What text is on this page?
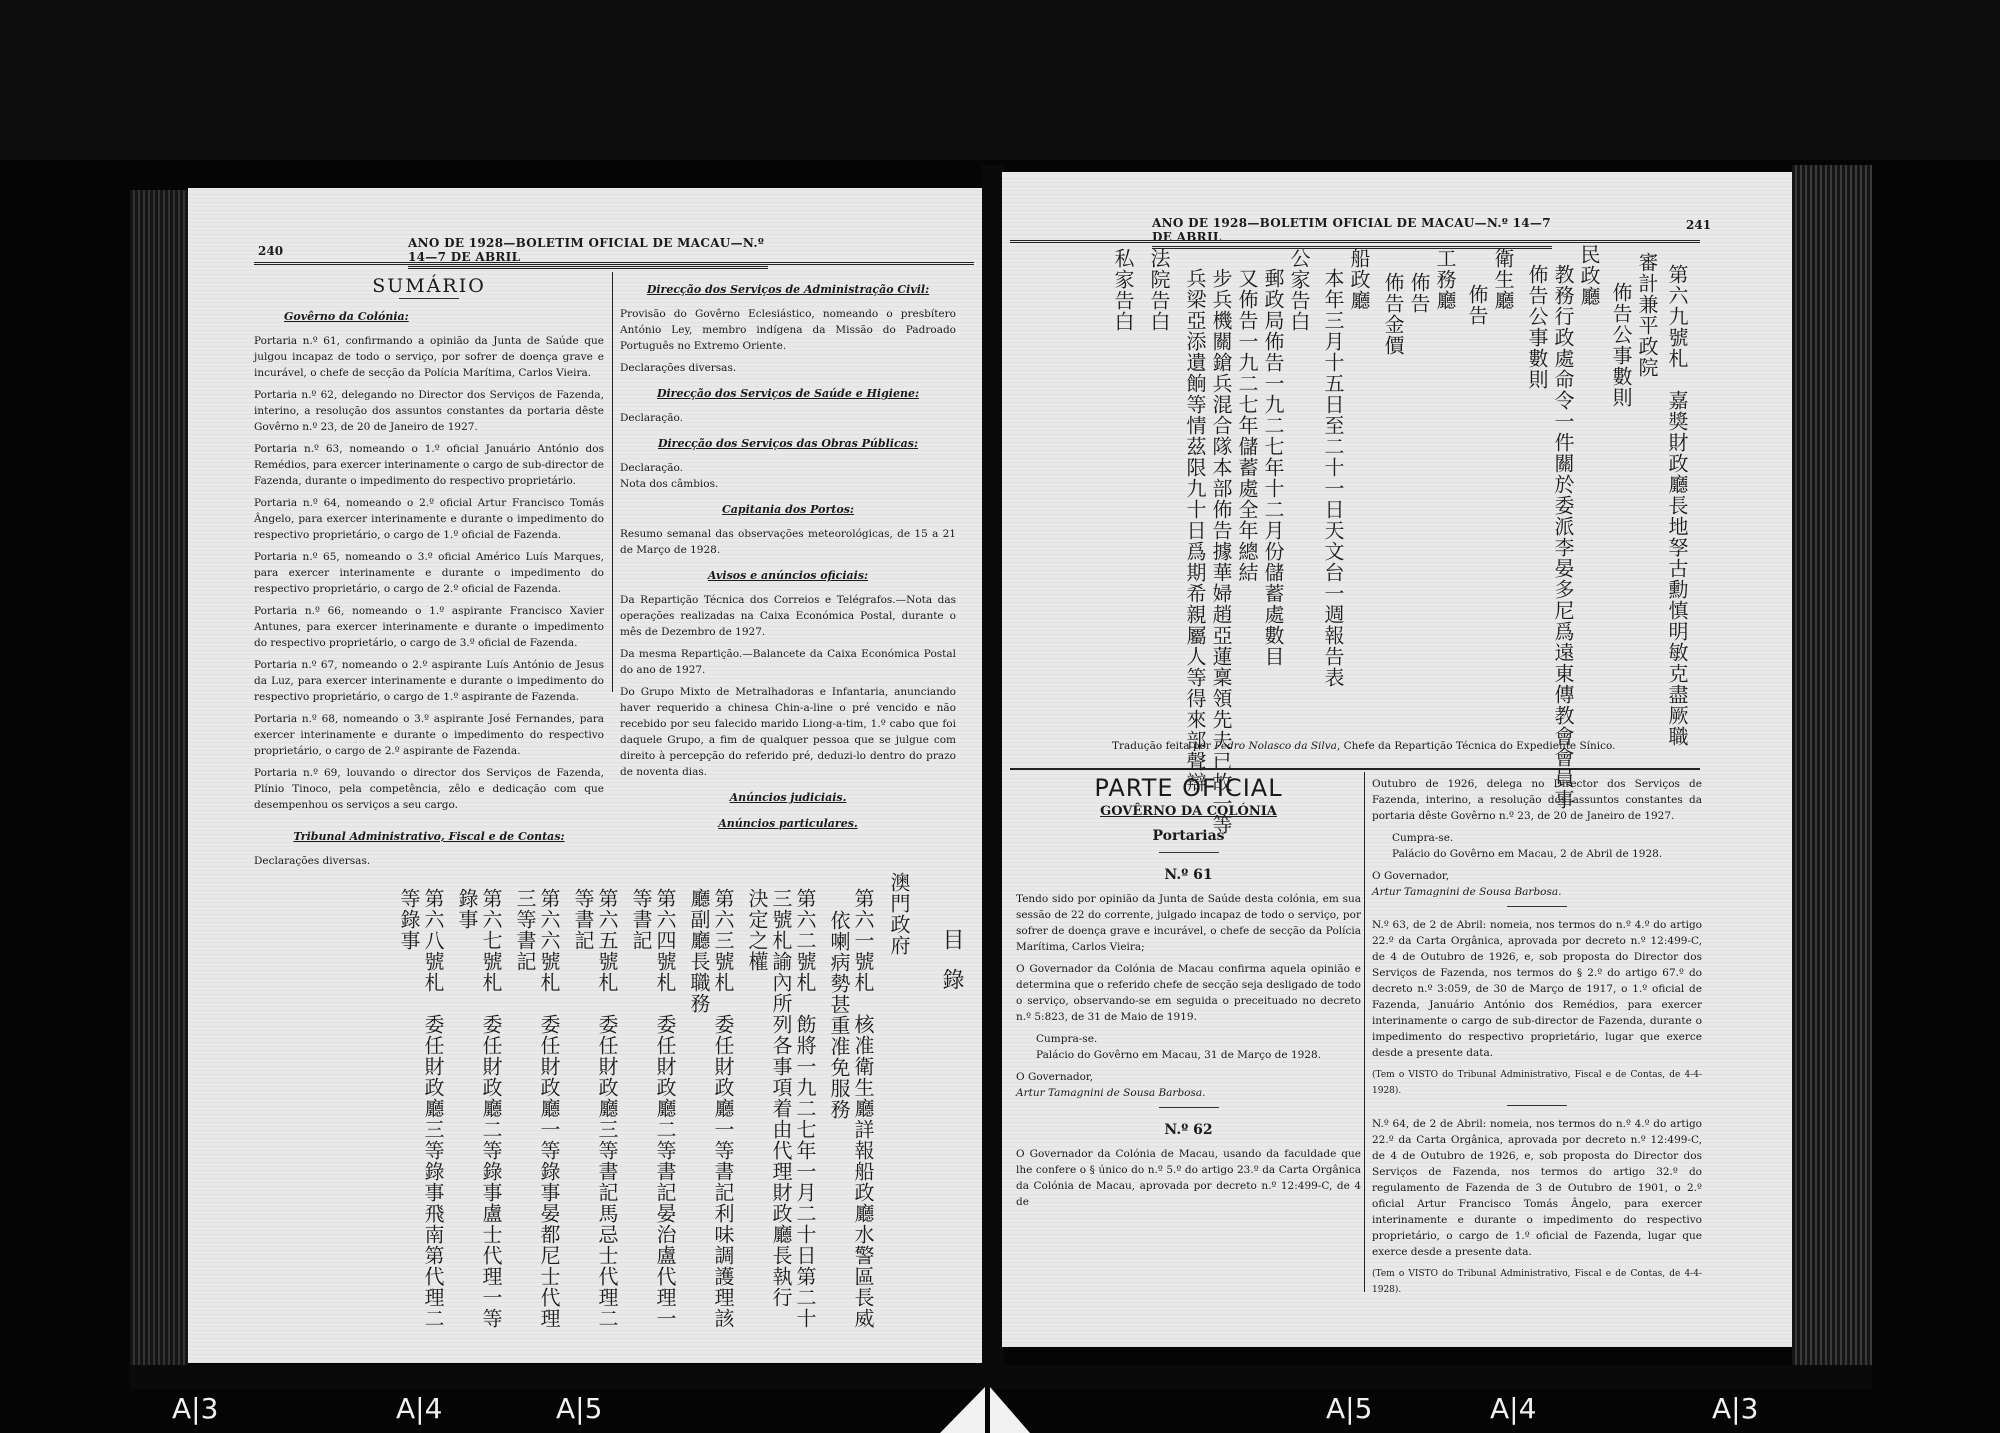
240
ANO DE 1928—BOLETIM OFICIAL DE MACAU—N.º 14—7 DE ABRIL
SUMÁRIO
Govêrno da Colónia:

Portaria n.º 61, confirmando a opinião da Junta de Saúde que julgou incapaz de todo o serviço, por sofrer de doença grave e incurável, o chefe de secção da Polícia Marítima, Carlos Vieira.

Portaria n.º 62, delegando no Director dos Serviços de Fazenda, interino, a resolução dos assuntos constantes da portaria dêste Govêrno n.º 23, de 20 de Janeiro de 1927.

Portaria n.º 63, nomeando o 1.º oficial Januário António dos Remédios, para exercer interinamente o cargo de sub-director de Fazenda, durante o impedimento do respectivo proprietário.

Portaria n.º 64, nomeando o 2.º oficial Artur Francisco Tomás Ângelo, para exercer interinamente e durante o impedimento do respectivo proprietário, o cargo de 1.º oficial de Fazenda.

Portaria n.º 65, nomeando o 3.º oficial Américo Luís Marques, para exercer interinamente e durante o impedimento do respectivo proprietário, o cargo de 2.º oficial de Fazenda.

Portaria n.º 66, nomeando o 1.º aspirante Francisco Xavier Antunes, para exercer interinamente e durante o impedimento do respectivo proprietário, o cargo de 3.º oficial de Fazenda.

Portaria n.º 67, nomeando o 2.º aspirante Luís António de Jesus da Luz, para exercer interinamente e durante o impedimento do respectivo proprietário, o cargo de 1.º aspirante de Fazenda.

Portaria n.º 68, nomeando o 3.º aspirante José Fernandes, para exercer interinamente e durante o impedimento do respectivo proprietário, o cargo de 2.º aspirante de Fazenda.

Portaria n.º 69, louvando o director dos Serviços de Fazenda, Plínio Tinoco, pela competência, zêlo e dedicação com que desempenhou os serviços a seu cargo.

Tribunal Administrativo, Fiscal e de Contas:

Declarações diversas.

Direcção dos Serviços de Administração Civil:

Provisão do Govêrno Eclesiástico, nomeando o presbítero António Ley, membro indígena da Missão do Padroado Português no Extremo Oriente.

Declarações diversas.

Direcção dos Serviços de Saúde e Higiene:

Declaração.

Direcção dos Serviços das Obras Públicas:

Declaração.

Nota dos câmbios.

Capitania dos Portos:

Resumo semanal das observações meteorológicas, de 15 a 21 de Março de 1928.

Avisos e anúncios oficiais:

Da Repartição Técnica dos Correios e Telégrafos.—Nota das operações realizadas na Caixa Económica Postal, durante o mês de Dezembro de 1927.

Da mesma Repartição.—Balancete da Caixa Económica Postal do ano de 1927.

Do Grupo Mixto de Metralhadoras e Infantaria, anunciando haver requerido a chinesa Chin-a-line o pré vencido e não recebido por seu falecido marido Liong-a-tim, 1.º cabo que foi daquele Grupo, a fim de qualquer pessoa que se julgue com direito à percepção do referido pré, deduzi-lo dentro do prazo de noventa dias.

Anúncios judiciais.
Anúncios particulares.
目錄
澳門政府
第六一號札　核准衛生廳詳報船政廳水警區長威
依喇病勢甚重准免服務
第六二號札　飭將一九二七年一月二十日第二十
三號札諭內所列各事項着由代理財政廳長執行
決定之權
第六三號札　委任財政廳一等書記利味調護理該
廳副廳長職務
第六四號札　委任財政廳二等書記晏治盧代理一
等書記
第六五號札　委任財政廳三等書記馬忌士代理二
等書記
第六六號札　委任財政廳一等錄事晏都尼士代理
三等書記
第六七號札　委任財政廳二等錄事盧士代理一等
錄事
第六八號札　委任財政廳三等錄事飛南第代理二
等錄事
ANO DE 1928—BOLETIM OFICIAL DE MACAU—N.º 14—7 DE ABRIL
241
第六九號札　嘉獎財政廳長地孥古勳慎明敏克盡厥職
審計兼平政院
佈告公事數則
民政廳
教務行政處命令一件關於委派李晏多尼爲遠東傳教會會員事
佈告公事數則
衛生廳
佈告
工務廳
佈告
佈告金價
船政廳
本年三月十五日至二十一日天文台一週報告表
公家告白
郵政局佈告一九二七年十二月份儲蓄處數目
又佈告一九二七年儲蓄處全年總結
步兵機關鎗兵混合隊本部佈告據華婦趙亞蓮稟領先夫已故一等
兵梁亞添遺餉等情茲限九十日爲期希親屬人等得來部聲辯
法院告白
私家告白
Tradução feita por Pedro Nolasco da Silva, Chefe da Repartição Técnica do Expediente Sínico.
PARTE OFICIAL
GOVÊRNO DA COLÓNIA
Portarias
N.º 61

Tendo sido por opinião da Junta de Saúde desta colónia, em sua sessão de 22 do corrente, julgado incapaz de todo o serviço, por sofrer de doença grave e incurável, o chefe de secção da Polícia Marítima, Carlos Vieira;

O Governador da Colónia de Macau confirma aquela opinião e determina que o referido chefe de secção seja desligado de todo o serviço, observando-se em seguida o preceituado no decreto n.º 5:823, de 31 de Maio de 1919.

Cumpra-se.

Palácio do Govêrno em Macau, 31 de Março de 1928.

O Governador,

Artur Tamagnini de Sousa Barbosa.

N.º 62

O Governador da Colónia de Macau, usando da faculdade que lhe confere o § único do n.º 5.º do artigo 23.º da Carta Orgânica da Colónia de Macau, aprovada por decreto n.º 12:499-C, de 4 de

Outubro de 1926, delega no Director dos Serviços de Fazenda, interino, a resolução dos assuntos constantes da portaria dêste Govêrno n.º 23, de 20 de Janeiro de 1927.

Cumpra-se.

Palácio do Govêrno em Macau, 2 de Abril de 1928.

O Governador,

Artur Tamagnini de Sousa Barbosa.

N.º 63, de 2 de Abril: nomeia, nos termos do n.º 4.º do artigo 22.º da Carta Orgânica, aprovada por decreto n.º 12:499-C, de 4 de Outubro de 1926, e, sob proposta do Director dos Serviços de Fazenda, nos termos do § 2.º do artigo 67.º do decreto n.º 3:059, de 30 de Março de 1917, o 1.º oficial de Fazenda, Januário António dos Remédios, para exercer interinamente o cargo de sub-director de Fazenda, durante o impedimento do respectivo proprietário, lugar que exerce desde a presente data.

(Tem o VISTO do Tribunal Administrativo, Fiscal e de Contas, de 4-4-1928).

N.º 64, de 2 de Abril: nomeia, nos termos do n.º 4.º do artigo 22.º da Carta Orgânica, aprovada por decreto n.º 12:499-C, de 4 de Outubro de 1926, e, sob proposta do Director dos Serviços de Fazenda, nos termos do artigo 32.º do regulamento de Fazenda de 3 de Outubro de 1901, o 2.º oficial Artur Francisco Tomás Ângelo, para exercer interinamente e durante o impedimento do respectivo proprietário, o cargo de 1.º oficial de Fazenda, lugar que exerce desde a presente data.

(Tem o VISTO do Tribunal Administrativo, Fiscal e de Contas, de 4-4-1928).

A|3	A|4	A|5	A|5	A|4	A|3
